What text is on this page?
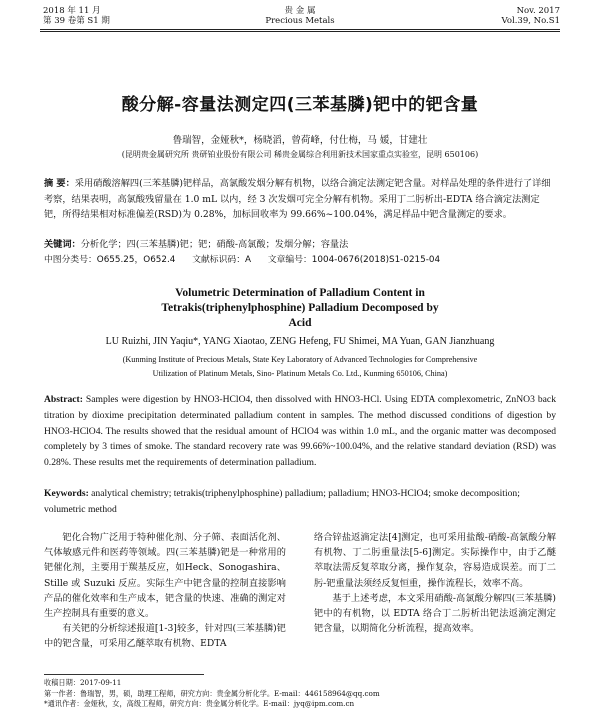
2018 年 11 月
第 39 卷第 S1 期
贵 金 属
Precious Metals
Nov. 2017
Vol.39, No.S1
酸分解-容量法测定四(三苯基膦)钯中的钯含量
鲁瑞智，金娅秋*，杨晓滔，曾荷峰，付仕梅，马 媛，甘建壮
(昆明贵金属研究所 贵研铂业股份有限公司 稀贵金属综合利用新技术国家重点实验室，昆明 650106)
摘 要：采用硝酸溶解四(三苯基膦)钯样品，高氯酸发烟分解有机物，以络合滴定法测定钯含量。对样品处理的条件进行了详细考察，结果表明，高氯酸残留量在 1.0 mL 以内，经 3 次发烟可完全分解有机物。采用丁二肟析出-EDTA 络合滴定法测定钯，所得结果相对标准偏差(RSD)为 0.28%，加标回收率为 99.66%~100.04%，满足样品中钯含量测定的要求。
关键词：分析化学；四(三苯基膦)钯；钯；硝酸-高氯酸；发烟分解；容量法
中图分类号：O655.25，O652.4 文献标识码：A 文章编号：1004-0676(2018)S1-0215-04
Volumetric Determination of Palladium Content in Tetrakis(triphenylphosphine) Palladium Decomposed by Acid
LU Ruizhi, JIN Yaqiu*, YANG Xiaotao, ZENG Hefeng, FU Shimei, MA Yuan, GAN Jianzhuang
(Kunming Institute of Precious Metals, State Key Laboratory of Advanced Technologies for Comprehensive
Utilization of Platinum Metals, Sino- Platinum Metals Co. Ltd., Kunming 650106, China)
Abstract: Samples were digestion by HNO3-HClO4, then dissolved with HNO3-HCl. Using EDTA complexometric, ZnNO3 back titration by dioxime precipitation determinated palladium content in samples. The method discussed conditions of digestion by HNO3-HClO4. The results showed that the residual amount of HClO4 was within 1.0 mL, and the organic matter was decomposed completely by 3 times of smoke. The standard recovery rate was 99.66%~100.04%, and the relative standard deviation (RSD) was 0.28%. These results met the requirements of determination palladium.
Keywords: analytical chemistry; tetrakis(triphenylphosphine) palladium; palladium; HNO3-HClO4; smoke decomposition; volumetric method

钯化合物广泛用于特种催化剂、分子筛、表面活化剂、气体敏感元件和医药等领域。四(三苯基膦)钯是一种常用的钯催化剂，主要用于羰基反应，如Heck、Sonogashira、Stille 或 Suzuki 反应。实际生产中钯含量的控制直接影响产品的催化效率和生产成本，钯含量的快速、准确的测定对生产控制具有重要的意义。

有关钯的分析综述报道[1-3]较多，针对四(三苯基膦)钯中的钯含量，可采用乙醚萃取有机物、EDTA

络合锌盐返滴定法[4]测定，也可采用盐酸-硝酸-高氯酸分解有机物、丁二肟重量法[5-6]测定。实际操作中，由于乙醚萃取法需反复萃取分离，操作复杂，容易造成误差。而丁二肟-钯重量法须经反复恒重，操作流程长，效率不高。

基于上述考虑，本文采用硝酸-高氯酸分解四(三苯基膦)钯中的有机物，以 EDTA 络合丁二肟析出钯法返滴定测定钯含量，以期简化分析流程，提高效率。

收稿日期：2017-09-11
第一作者：鲁瑞智，男，硕，助理工程师，研究方向：贵金属分析化学。E-mail：446158964@qq.com
*通讯作者：金娅秋，女，高级工程师，研究方向：贵金属分析化学。E-mail：jyq@ipm.com.cn
